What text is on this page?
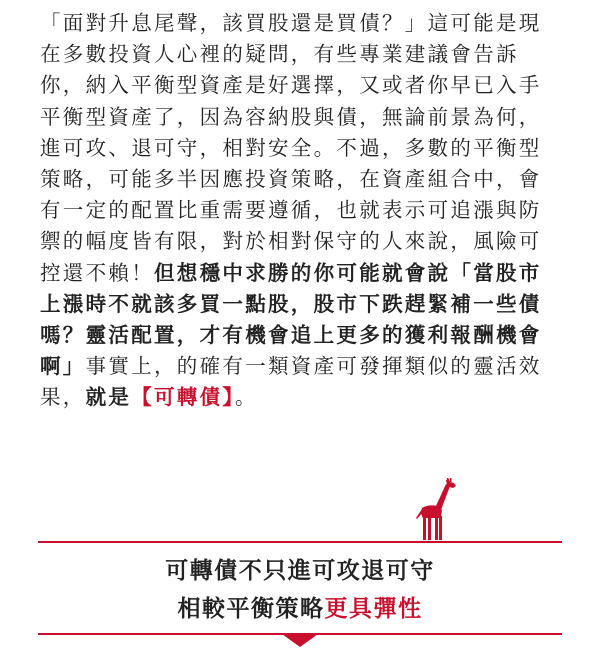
「面對升息尾聲，該買股還是買債？」這可能是現
在多數投資人心裡的疑問，有些專業建議會告訴
你，納入平衡型資產是好選擇，又或者你早已入手
平衡型資產了，因為容納股與債，無論前景為何，
進可攻、退可守，相對安全。不過，多數的平衡型
策略，可能多半因應投資策略，在資產組合中，會
有一定的配置比重需要遵循，也就表示可追漲與防
禦的幅度皆有限，對於相對保守的人來說，風險可
控還不賴！但想穩中求勝的你可能就會說「當股市
上漲時不就該多買一點股，股市下跌趕緊補一些債
嗎？靈活配置，才有機會追上更多的獲利報酬機會
啊」事實上，的確有一類資產可發揮類似的靈活效
果，就是【可轉債】。
可轉債不只進可攻退可守
相較平衡策略更具彈性
